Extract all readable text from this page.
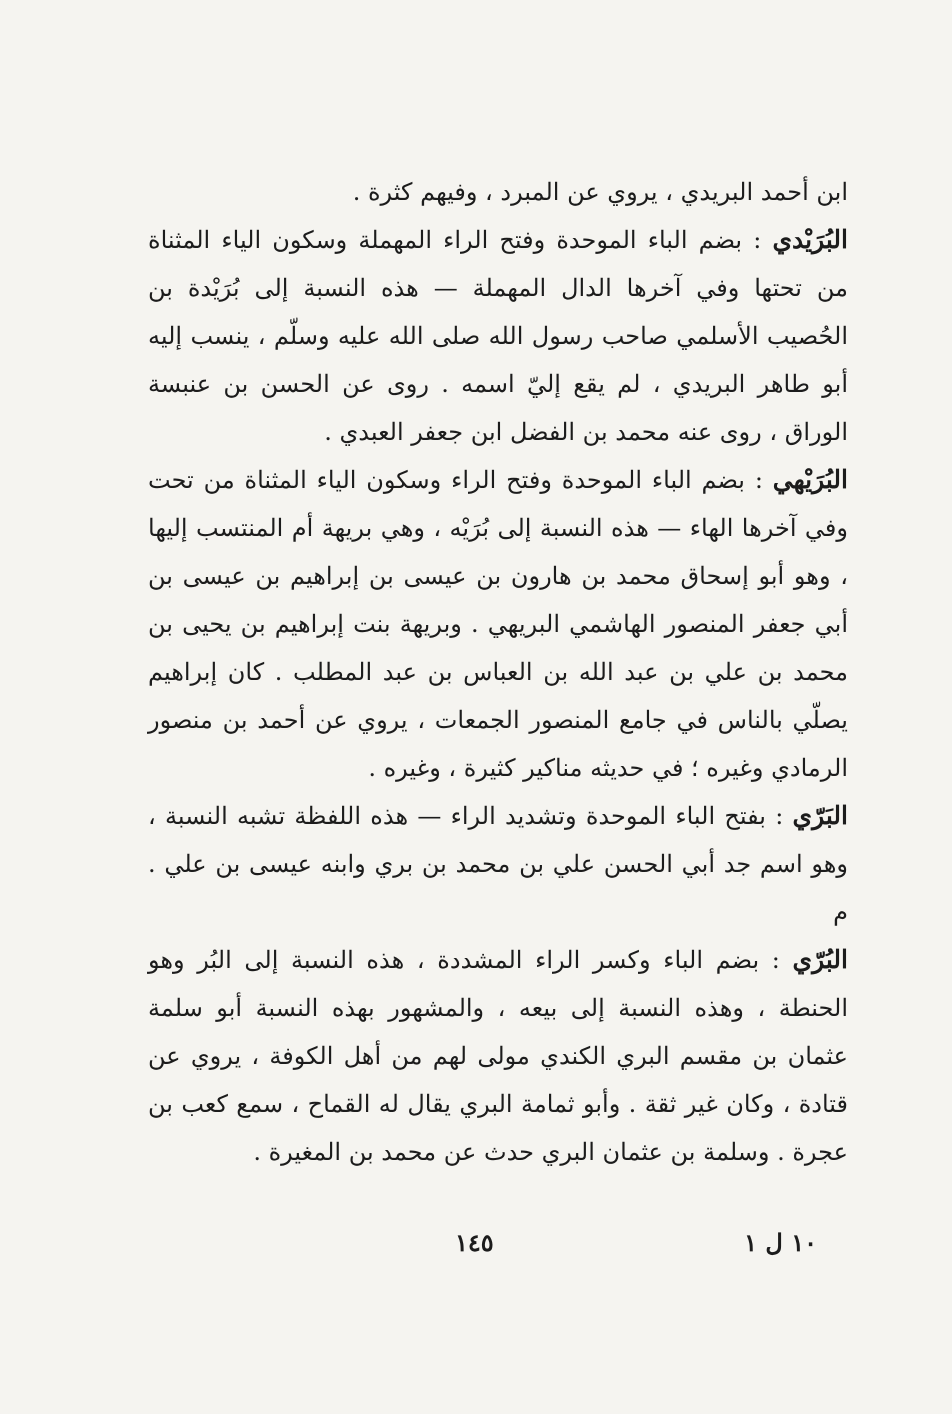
ابن أحمد البريدي ، يروي عن المبرد ، وفيهم كثرة .

البُرَيْدي : بضم الباء الموحدة وفتح الراء المهملة وسكون الياء المثناة من تحتها وفي آخرها الدال المهملة — هذه النسبة إلى بُرَيْدة بن الحُصيب الأسلمي صاحب رسول الله صلى الله عليه وسلّم ، ينسب إليه أبو طاهر البريدي ، لم يقع إليّ اسمه . روى عن الحسن بن عنبسة الوراق ، روى عنه محمد بن الفضل ابن جعفر العبدي .

البُرَيْهي : بضم الباء الموحدة وفتح الراء وسكون الياء المثناة من تحت وفي آخرها الهاء — هذه النسبة إلى بُرَيْه ، وهي بريهة أم المنتسب إليها ، وهو أبو إسحاق محمد بن هارون بن عيسى بن إبراهيم بن عيسى بن أبي جعفر المنصور الهاشمي البريهي . وبريهة بنت إبراهيم بن يحيى بن محمد بن علي بن عبد الله بن العباس بن عبد المطلب . كان إبراهيم يصلّي بالناس في جامع المنصور الجمعات ، يروي عن أحمد بن منصور الرمادي وغيره ؛ في حديثه مناكير كثيرة ، وغيره .

البَرّي : بفتح الباء الموحدة وتشديد الراء — هذه اللفظة تشبه النسبة ، وهو اسم جد أبي الحسن علي بن محمد بن بري وابنه عيسى بن علي . م

البُرّي : بضم الباء وكسر الراء المشددة ، هذه النسبة إلى البُر وهو الحنطة ، وهذه النسبة إلى بيعه ، والمشهور بهذه النسبة أبو سلمة عثمان بن مقسم البري الكندي مولى لهم من أهل الكوفة ، يروي عن قتادة ، وكان غير ثقة . وأبو ثمامة البري يقال له القماح ، سمع كعب بن عجرة . وسلمة بن عثمان البري حدث عن محمد بن المغيرة .

١٠ ل ١
١٤٥
